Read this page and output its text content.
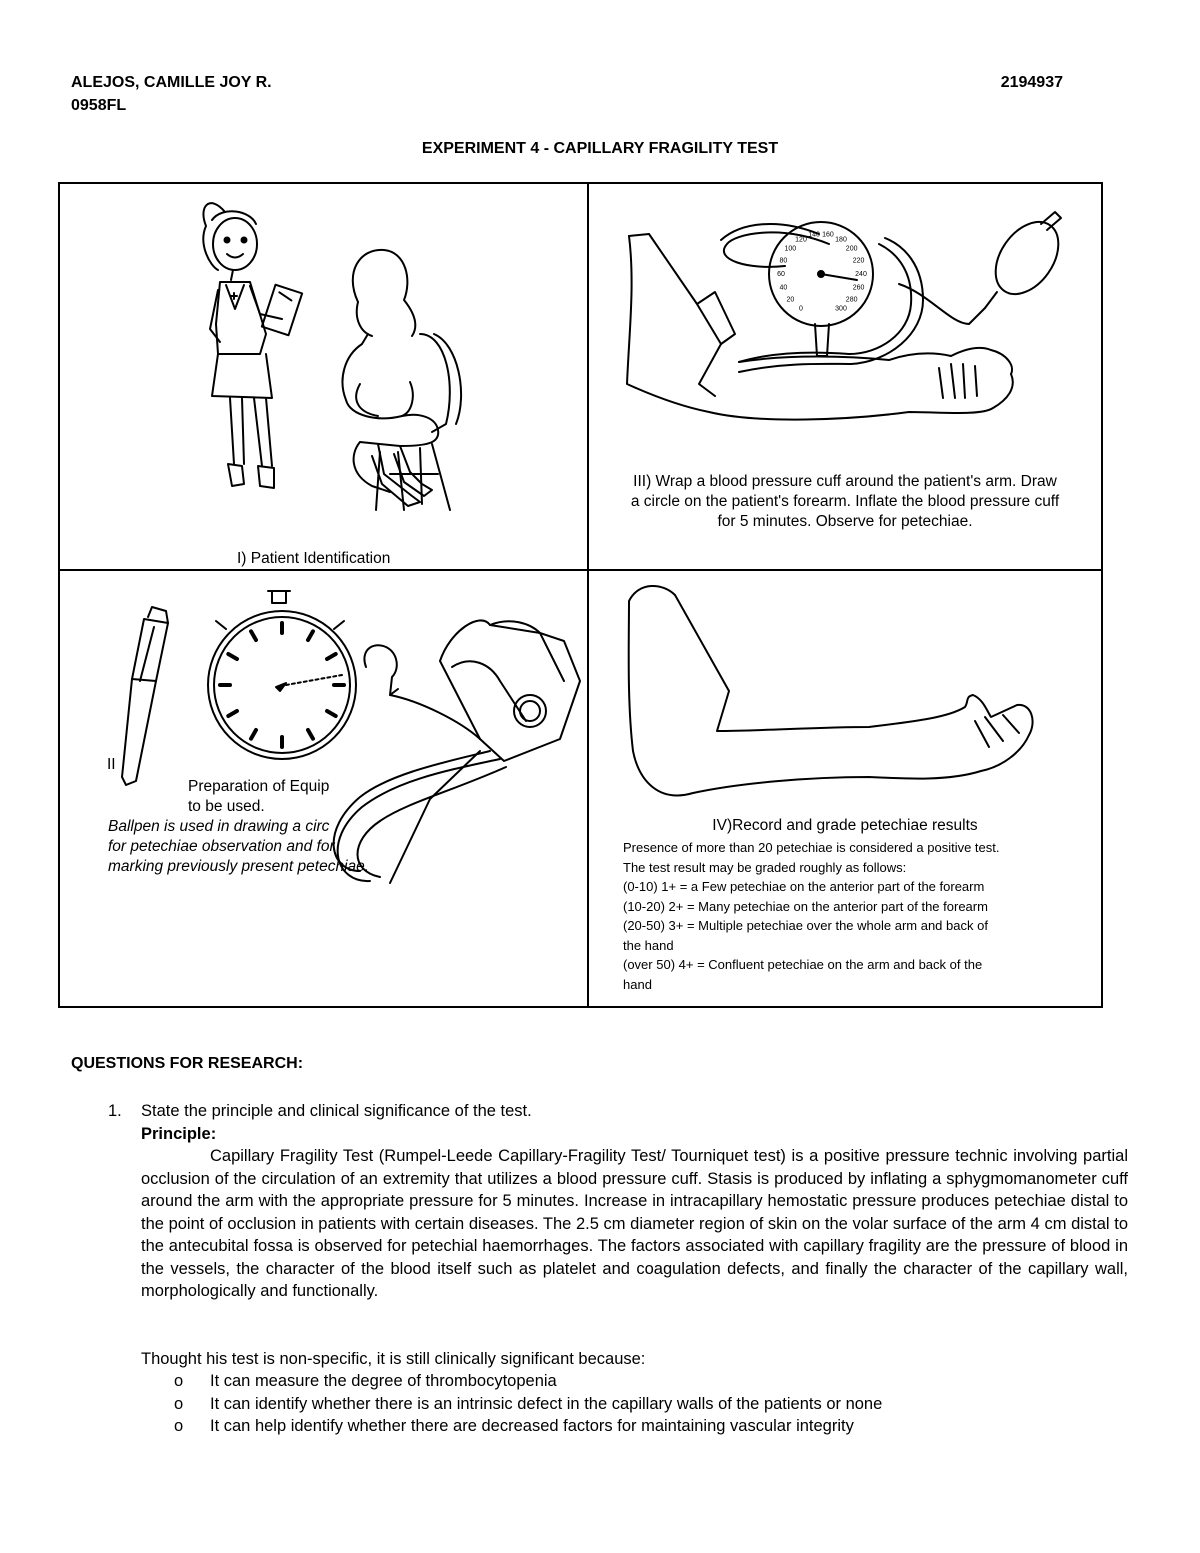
ALEJOS, CAMILLE JOY R.	2194937
0958FL
EXPERIMENT 4 - CAPILLARY FRAGILITY TEST
I) Patient Identification
0
20
40
60
80
100
120
140 160
180
200
220
240
260
280
300
III) Wrap a blood pressure cuff around the patient's arm. Draw
a circle on the patient's forearm. Inflate the blood pressure cuff
for 5 minutes. Observe for petechiae.
II
Preparation of Equip
to be used.
Ballpen is used in drawing a circ
for petechiae observation and for
marking previously present petechiae.
IV)Record and grade petechiae results
Presence of more than 20 petechiae is considered a positive test.
The test result may be graded roughly as follows:
(0-10) 1+ = a Few petechiae on the anterior part of the forearm
(10-20) 2+ = Many petechiae on the anterior part of the forearm
(20-50) 3+ = Multiple petechiae over the whole arm and back of
the hand
(over 50) 4+ = Confluent petechiae on the arm and back of the
hand
QUESTIONS FOR RESEARCH:
1. State the principle and clinical significance of the test.
Principle:

Capillary Fragility Test (Rumpel-Leede Capillary-Fragility Test/ Tourniquet test) is a positive pressure technic involving partial occlusion of the circulation of an extremity that utilizes a blood pressure cuff. Stasis is produced by inflating a sphygmomanometer cuff around the arm with the appropriate pressure for 5 minutes. Increase in intracapillary hemostatic pressure produces petechiae distal to the point of occlusion in patients with certain diseases. The 2.5 cm diameter region of skin on the volar surface of the arm 4 cm distal to the antecubital fossa is observed for petechial haemorrhages. The factors associated with capillary fragility are the pressure of blood in the vessels, the character of the blood itself such as platelet and coagulation defects, and finally the character of the capillary wall, morphologically and functionally.

Thought his test is non-specific, it is still clinically significant because:

o It can measure the degree of thrombocytopenia
o It can identify whether there is an intrinsic defect in the capillary walls of the patients or none
o It can help identify whether there are decreased factors for maintaining vascular integrity
